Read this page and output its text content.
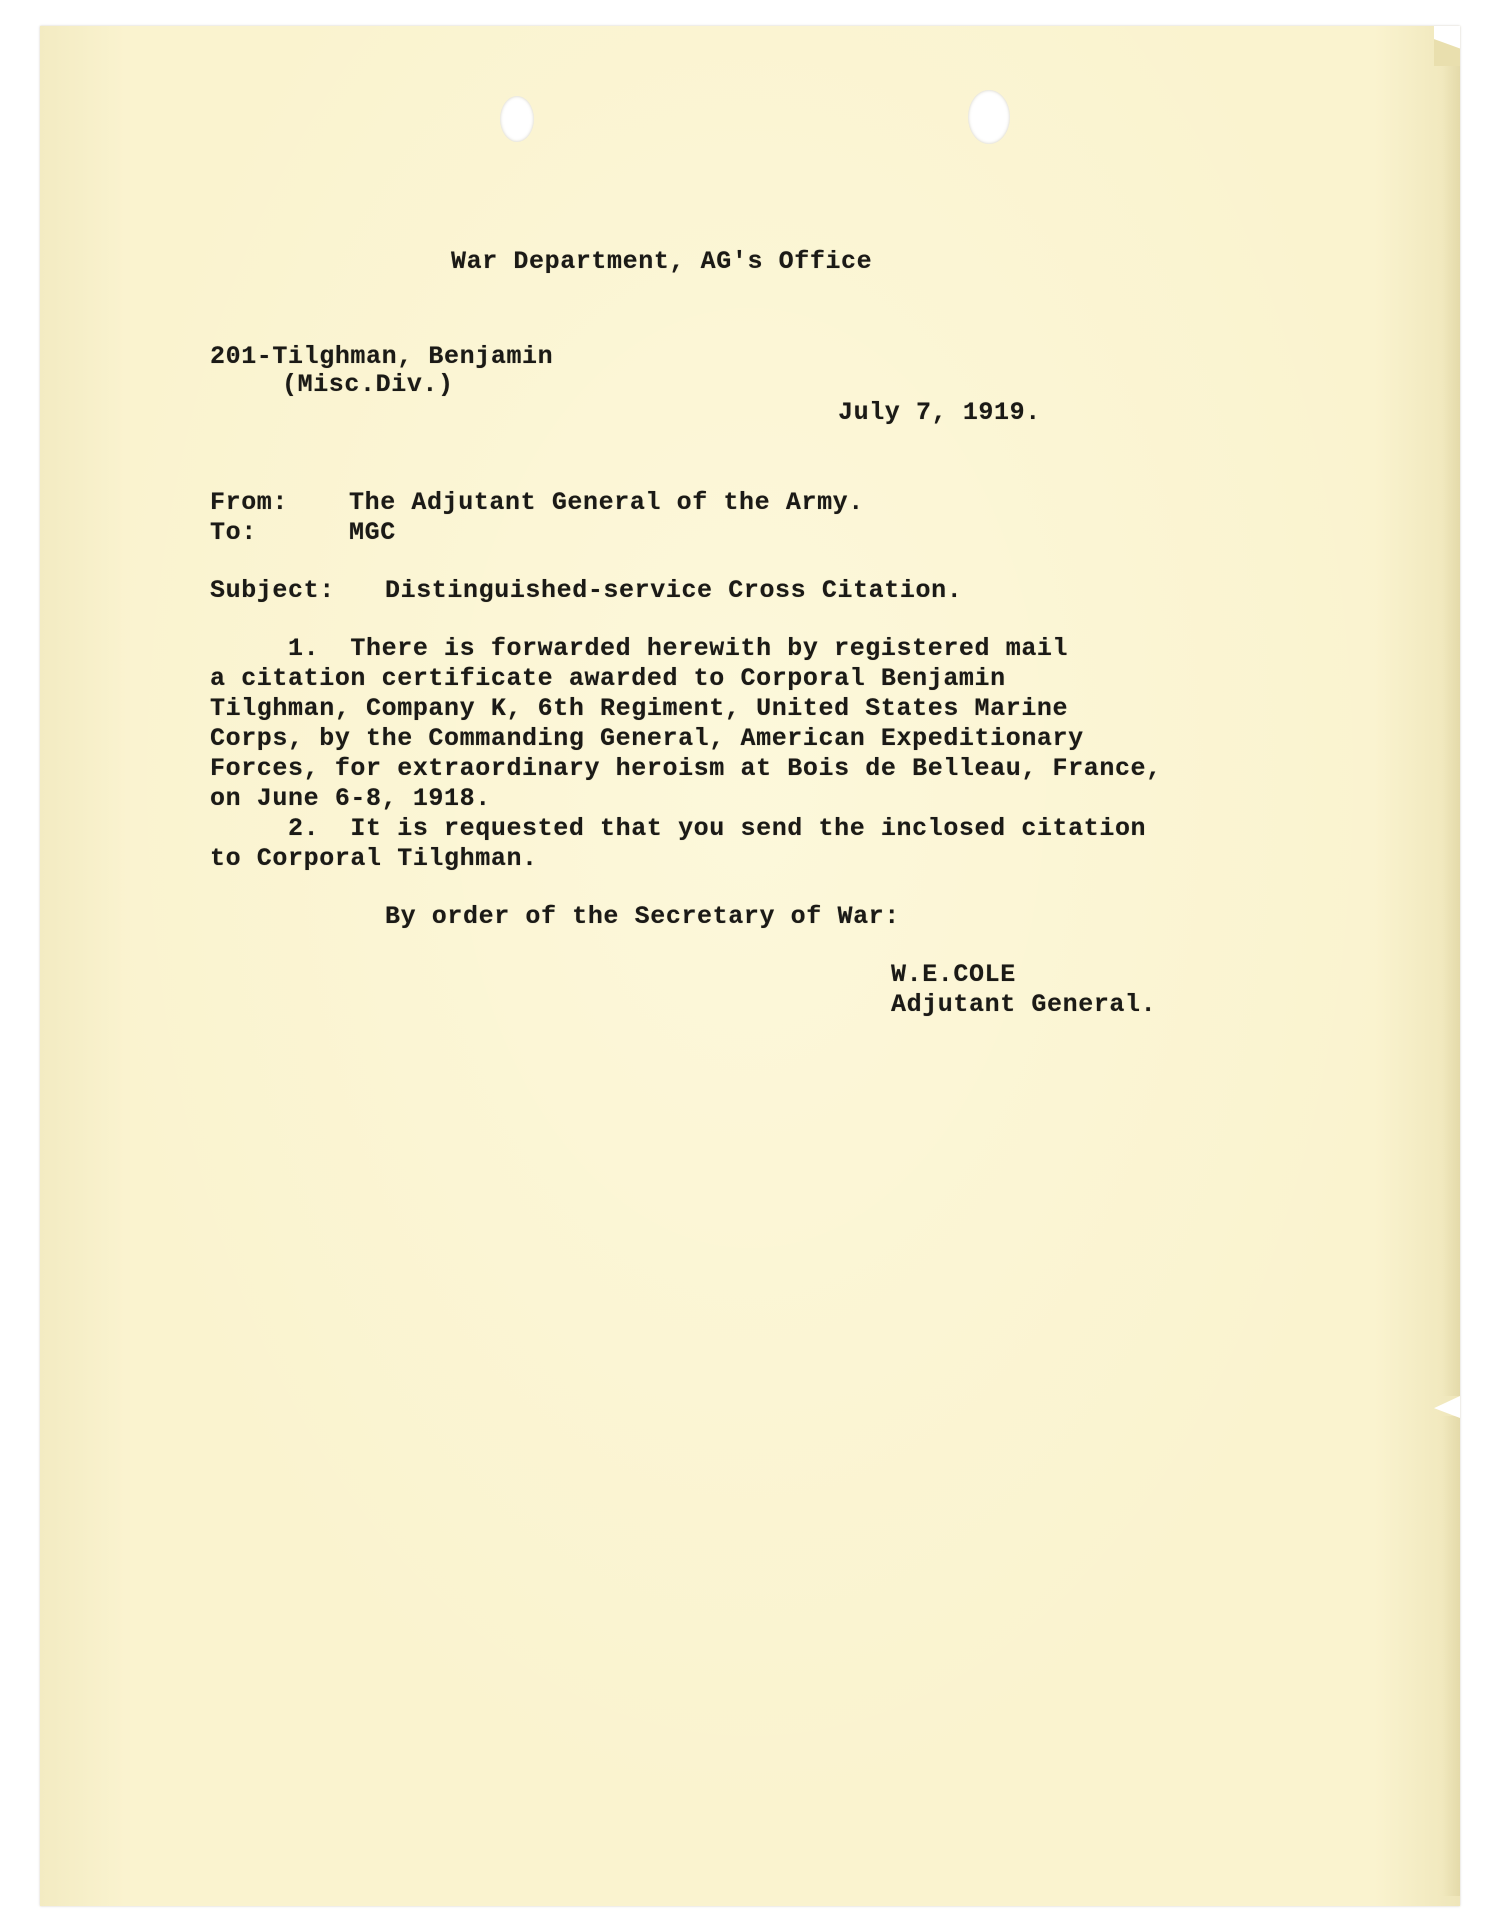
War Department, AG's Office
201-Tilghman, Benjamin
(Misc.Div.)
July 7, 1919.
From: The Adjutant General of the Army.
To:	MGC
Subject: Distinguished-service Cross Citation.
1.  There is forwarded herewith by registered mail
a citation certificate awarded to Corporal Benjamin
Tilghman, Company K, 6th Regiment, United States Marine
Corps, by the Commanding General, American Expeditionary
Forces, for extraordinary heroism at Bois de Belleau, France,
on June 6-8, 1918.
2.  It is requested that you send the inclosed citation
to Corporal Tilghman.
By order of the Secretary of War:
W.E.COLE
Adjutant General.
